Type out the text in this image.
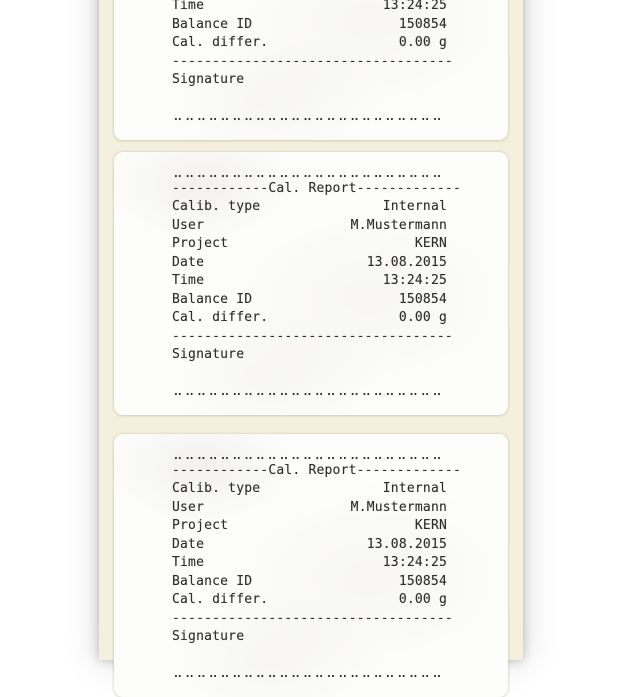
Time	13:24:25
Balance ID	150854
Cal. differ.	0.00 g
-----------------------------------
Signature
.. .. .. .. .. .. .. .. .. .. .. .. .. .. .. .. .. .. .. .. .. .. ..
.. .. .. .. .. .. .. .. .. .. .. .. .. .. .. .. .. .. .. .. .. .. ..
------------Cal. Report-------------
Calib. type	Internal
User	M.Mustermann
Project	KERN
Date	13.08.2015
Time	13:24:25
Balance ID	150854
Cal. differ.	0.00 g
-----------------------------------
Signature
.. .. .. .. .. .. .. .. .. .. .. .. .. .. .. .. .. .. .. .. .. .. ..
.. .. .. .. .. .. .. .. .. .. .. .. .. .. .. .. .. .. .. .. .. .. ..
------------Cal. Report-------------
Calib. type	Internal
User	M.Mustermann
Project	KERN
Date	13.08.2015
Time	13:24:25
Balance ID	150854
Cal. differ.	0.00 g
-----------------------------------
Signature
.. .. .. .. .. .. .. .. .. .. .. .. .. .. .. .. .. .. .. .. .. .. ..
